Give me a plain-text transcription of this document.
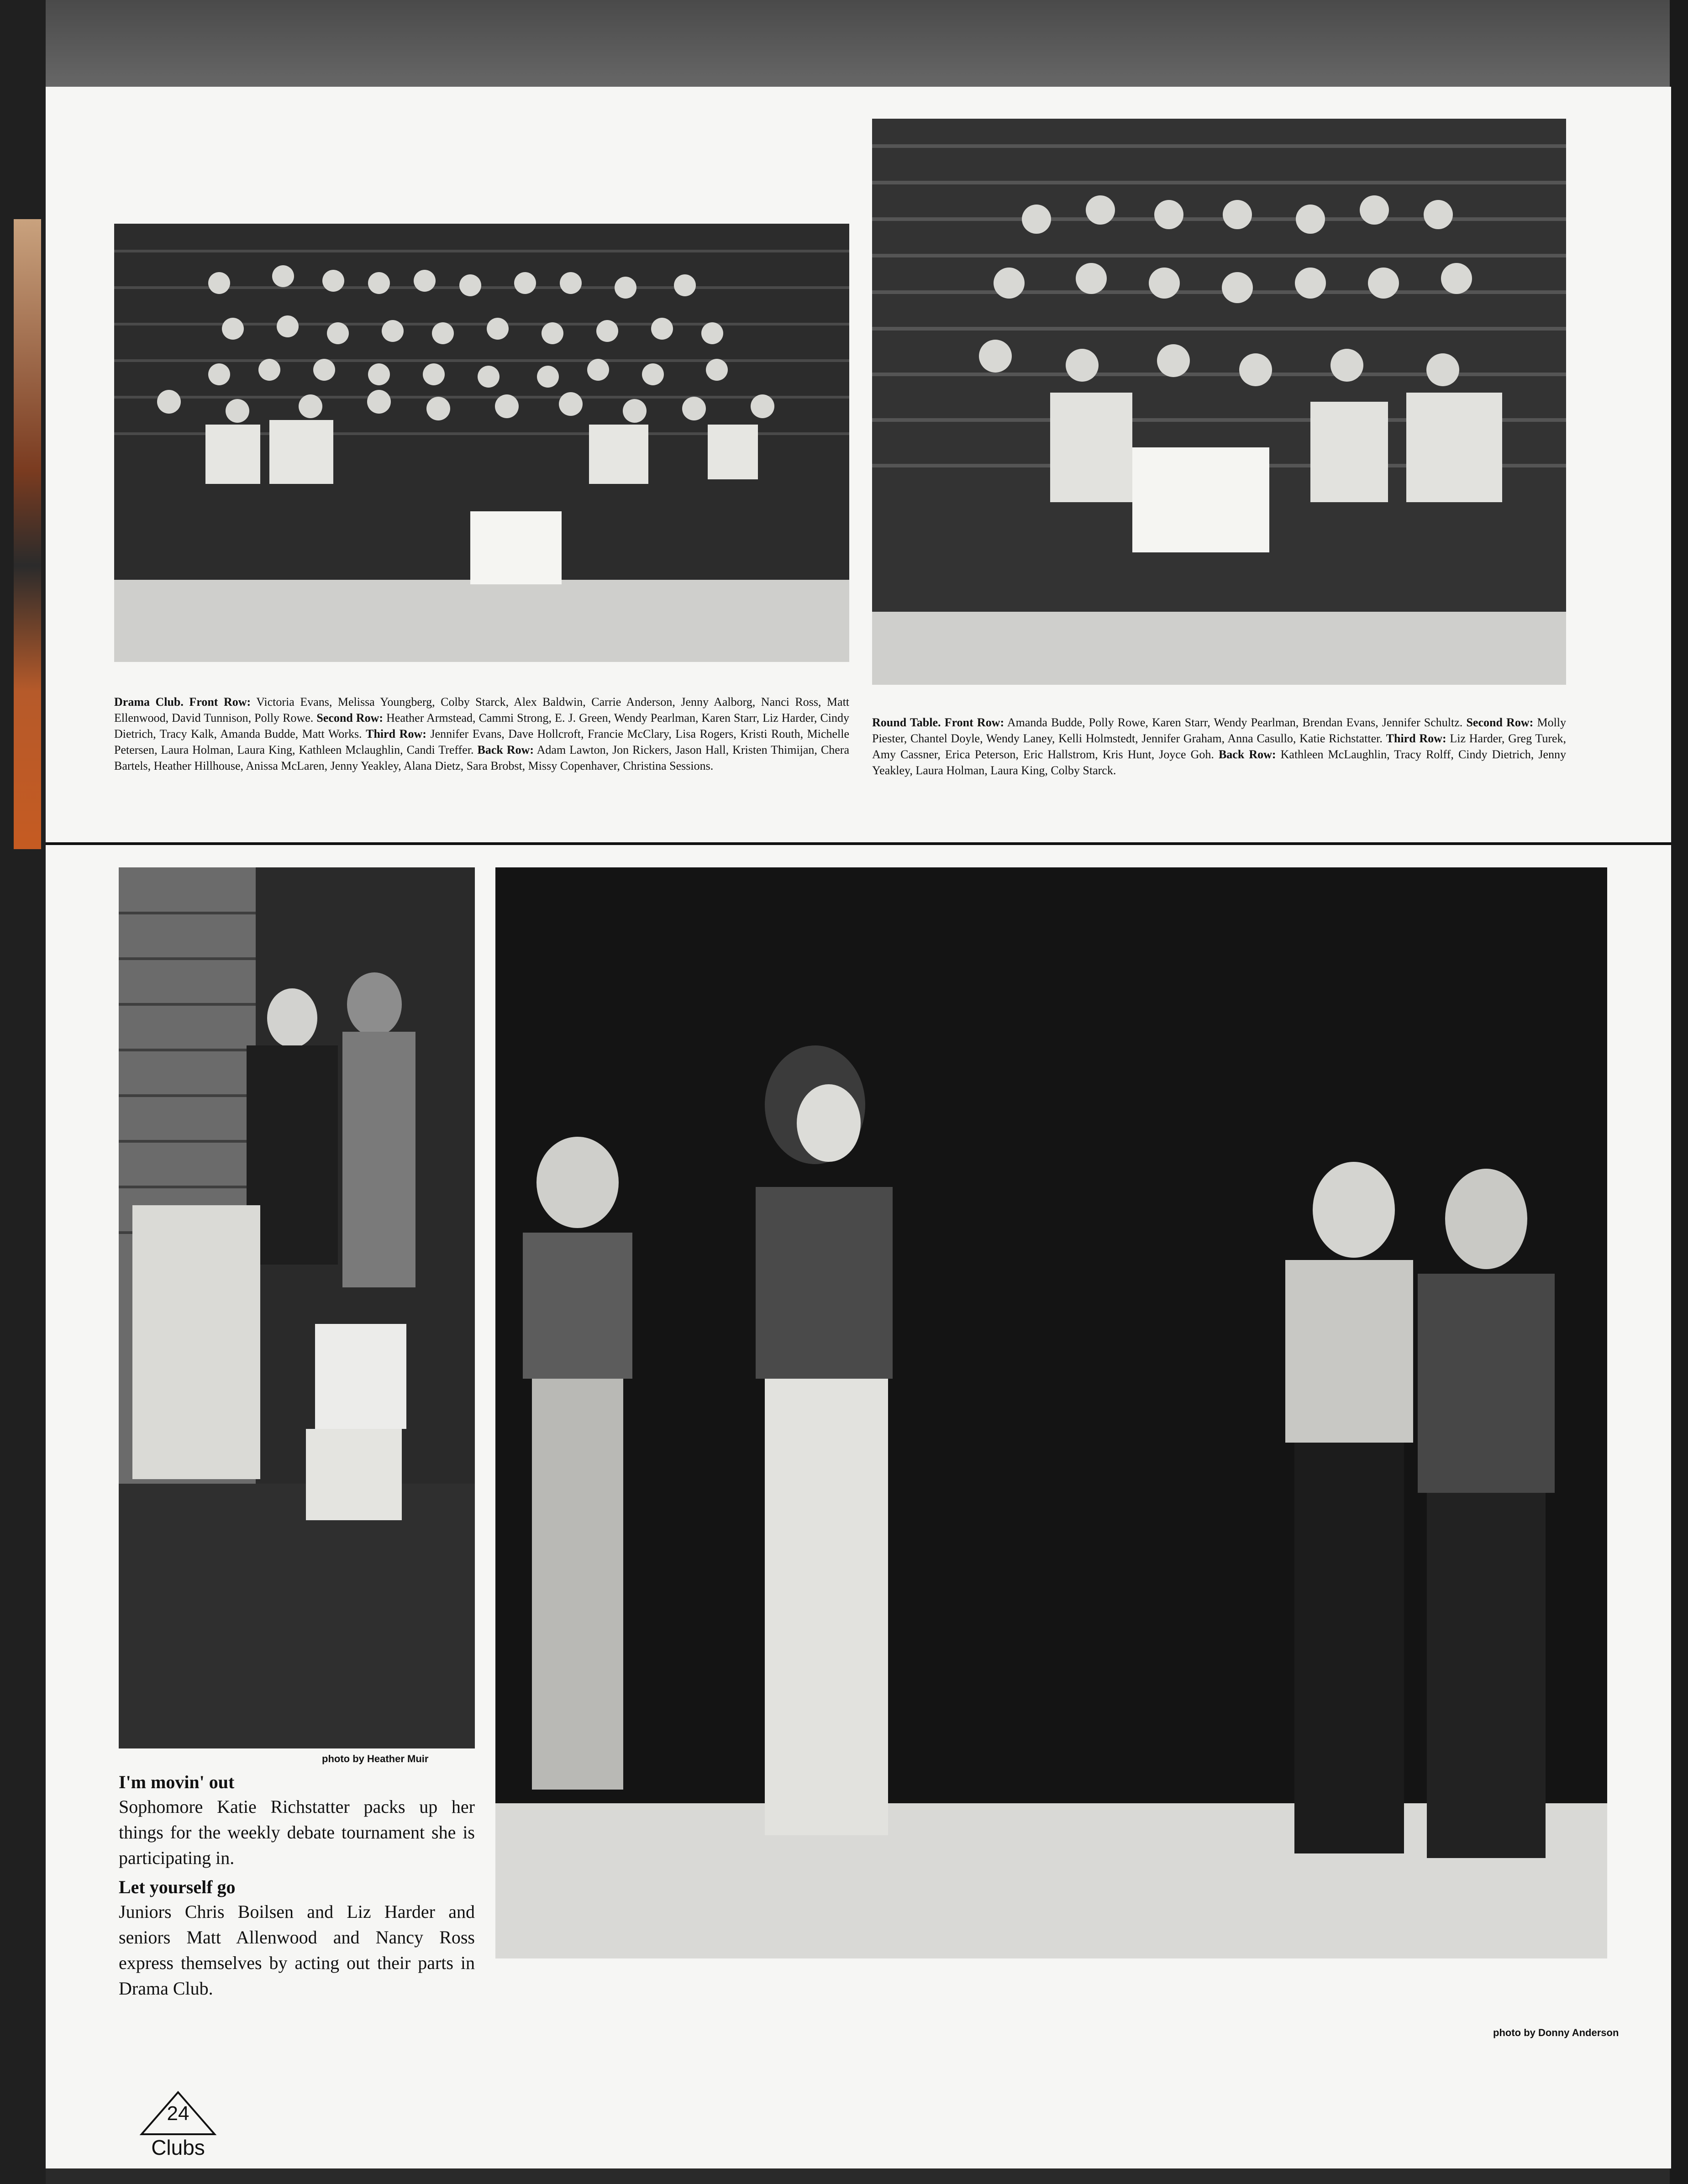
Drama Club. Front Row: Victoria Evans, Melissa Youngberg, Colby Starck, Alex Baldwin, Carrie Anderson, Jenny Aalborg, Nanci Ross, Matt Ellenwood, David Tunnison, Polly Rowe. Second Row: Heather Armstead, Cammi Strong, E. J. Green, Wendy Pearlman, Karen Starr, Liz Harder, Cindy Dietrich, Tracy Kalk, Amanda Budde, Matt Works. Third Row: Jennifer Evans, Dave Hollcroft, Francie McClary, Lisa Rogers, Kristi Routh, Michelle Petersen, Laura Holman, Laura King, Kathleen Mclaughlin, Candi Treffer. Back Row: Adam Lawton, Jon Rickers, Jason Hall, Kristen Thimijan, Chera Bartels, Heather Hillhouse, Anissa McLaren, Jenny Yeakley, Alana Dietz, Sara Brobst, Missy Copenhaver, Christina Sessions.
Round Table. Front Row: Amanda Budde, Polly Rowe, Karen Starr, Wendy Pearlman, Brendan Evans, Jennifer Schultz. Second Row: Molly Piester, Chantel Doyle, Wendy Laney, Kelli Holmstedt, Jennifer Graham, Anna Casullo, Katie Richstatter. Third Row: Liz Harder, Greg Turek, Amy Cassner, Erica Peterson, Eric Hallstrom, Kris Hunt, Joyce Goh. Back Row: Kathleen McLaughlin, Tracy Rolff, Cindy Dietrich, Jenny Yeakley, Laura Holman, Laura King, Colby Starck.
photo by Heather Muir
I'm movin' out
Sophomore Katie Richstatter packs up her things for the weekly debate tournament she is participating in.
Let yourself go
Juniors Chris Boilsen and Liz Harder and seniors Matt Allenwood and Nancy Ross express themselves by acting out their parts in Drama Club.
photo by Donny Anderson
24
Clubs
